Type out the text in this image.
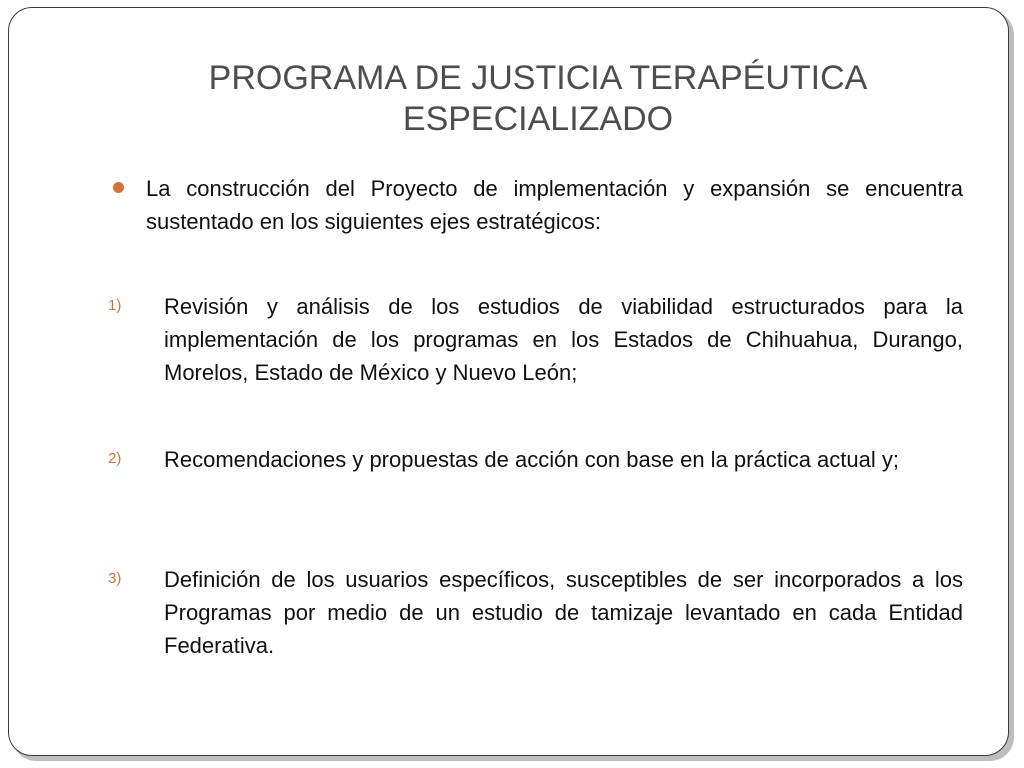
PROGRAMA DE JUSTICIA TERAPÉUTICA ESPECIALIZADO
La construcción del Proyecto de implementación y expansión se encuentra sustentado en los siguientes ejes estratégicos:
1) Revisión y análisis de los estudios de viabilidad estructurados para la implementación de los programas en los Estados de Chihuahua, Durango, Morelos, Estado de México y Nuevo León;
2) Recomendaciones y propuestas de acción con base en la práctica actual y;
3) Definición de los usuarios específicos, susceptibles de ser incorporados a los Programas por medio de un estudio de tamizaje levantado en cada Entidad Federativa.
